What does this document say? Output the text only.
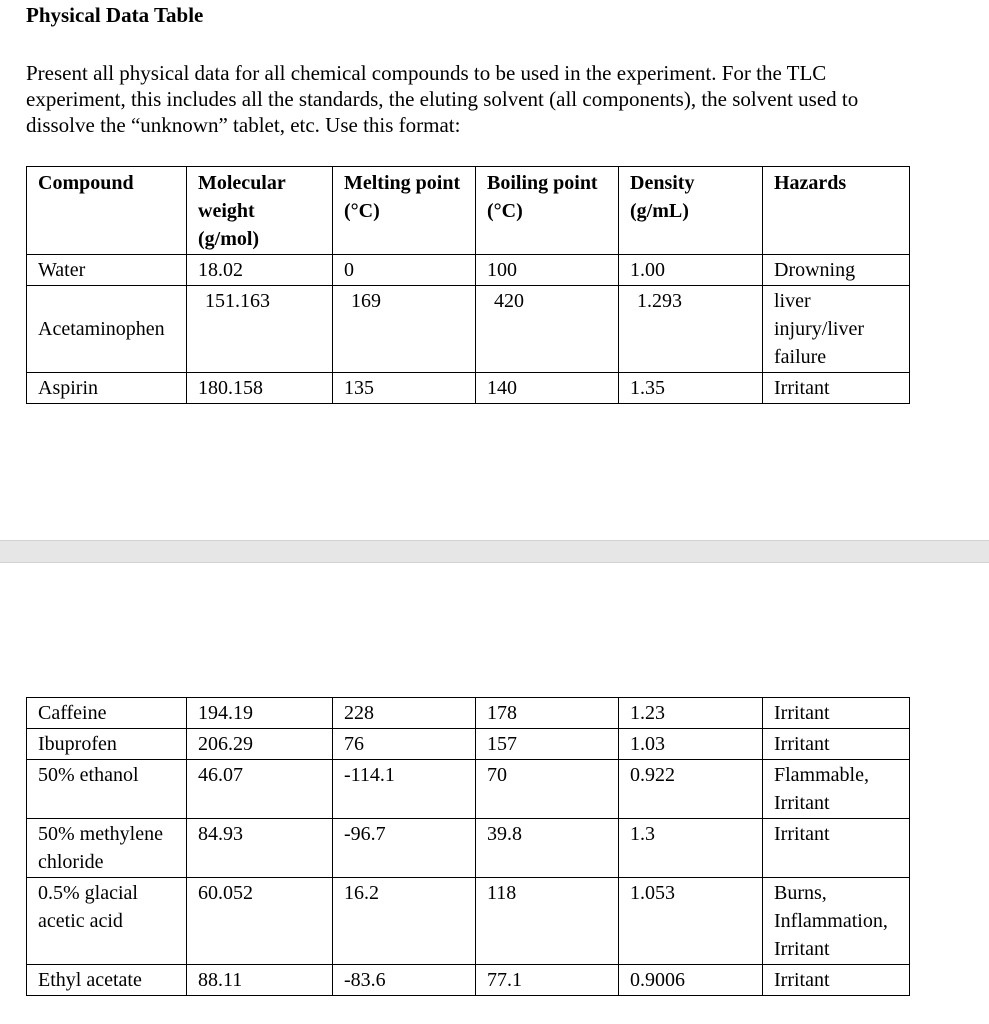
Physical Data Table
Present all physical data for all chemical compounds to be used in the experiment. For the TLC experiment, this includes all the standards, the eluting solvent (all components), the solvent used to dissolve the “unknown” tablet, etc. Use this format:
Compound	Molecular weight (g/mol)	Melting point (°C)	Boiling point (°C)	Density (g/mL)	Hazards
Water	18.02	0	100	1.00	Drowning
Acetaminophen	151.163	169	420	1.293	liver injury/liver failure
Aspirin	180.158	135	140	1.35	Irritant
Caffeine	194.19	228	178	1.23	Irritant
Ibuprofen	206.29	76	157	1.03	Irritant
50% ethanol	46.07	-114.1	70	0.922	Flammable, Irritant
50% methylene chloride	84.93	-96.7	39.8	1.3	Irritant
0.5% glacial acetic acid	60.052	16.2	118	1.053	Burns, Inflammation, Irritant
Ethyl acetate	88.11	-83.6	77.1	0.9006	Irritant
